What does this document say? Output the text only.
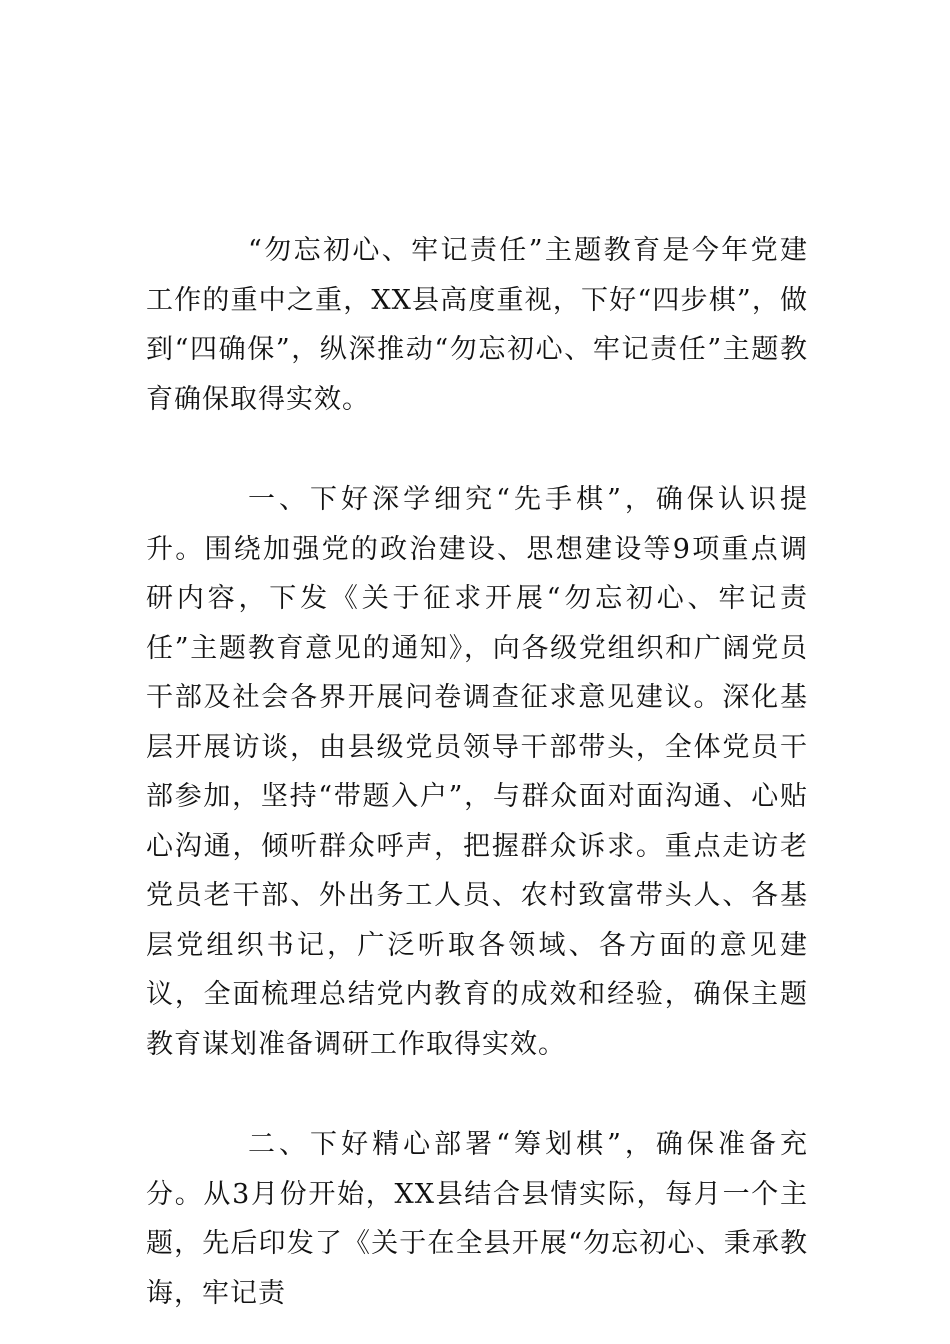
“勿忘初心、牢记责任”主题教育是今年党建工作的重中之重，XX县高度重视，下好“四步棋”，做到“四确保”，纵深推动“勿忘初心、牢记责任”主题教育确保取得实效。

一、下好深学细究“先手棋”，确保认识提升。围绕加强党的政治建设、思想建设等9项重点调研内容，下发《关于征求开展“勿忘初心、牢记责任”主题教育意见的通知》，向各级党组织和广阔党员干部及社会各界开展问卷调查征求意见建议。深化基层开展访谈，由县级党员领导干部带头，全体党员干部参加，坚持“带题入户”，与群众面对面沟通、心贴心沟通，倾听群众呼声，把握群众诉求。重点走访老党员老干部、外出务工人员、农村致富带头人、各基层党组织书记，广泛听取各领域、各方面的意见建议，全面梳理总结党内教育的成效和经验，确保主题教育谋划准备调研工作取得实效。

二、下好精心部署“筹划棋”，确保准备充分。从3月份开始，XX县结合县情实际，每月一个主题，先后印发了《关于在全县开展“勿忘初心、秉承教诲，牢记责
